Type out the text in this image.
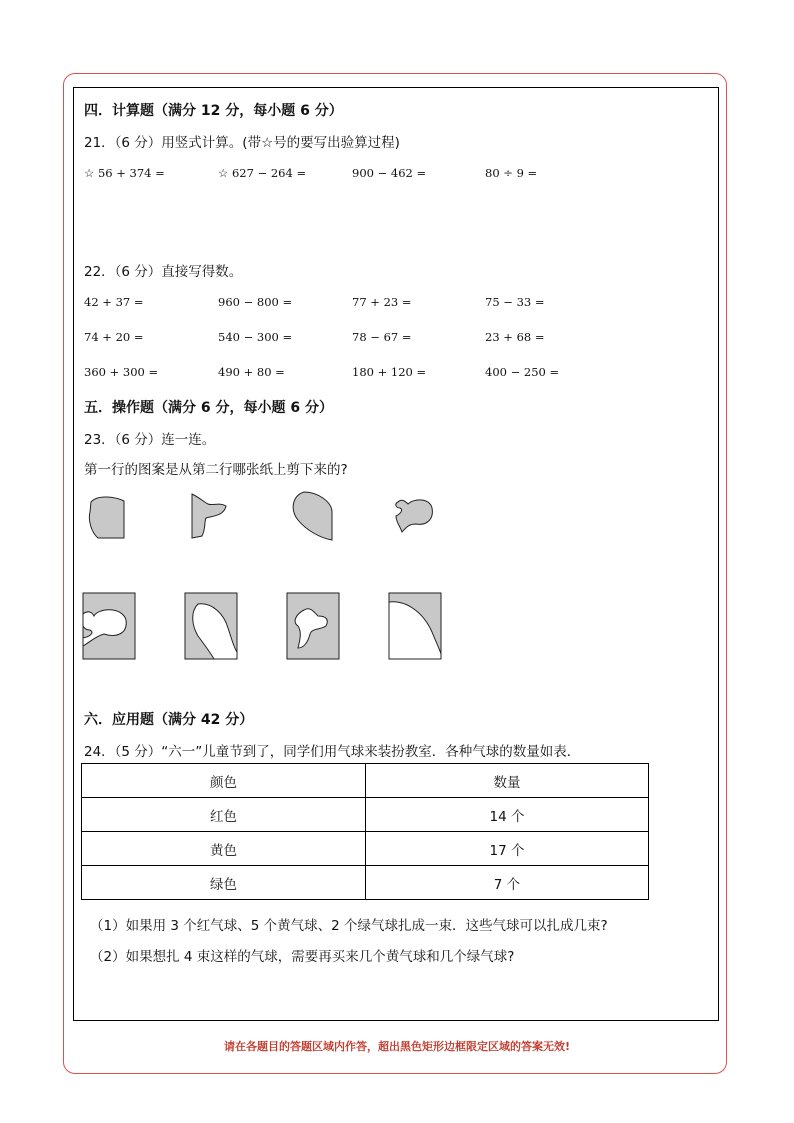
四．计算题（满分 12 分，每小题 6 分）
21．（6 分）用竖式计算。(带☆号的要写出验算过程)
☆ 56 + 374 =	☆ 627 − 264 =	900 − 462 =	80 ÷ 9 =
22．（6 分）直接写得数。
42 + 37 =	960 − 800 =	77 + 23 =	75 − 33 =
74 + 20 =	540 − 300 =	78 − 67 =	23 + 68 =
360 + 300 =	490 + 80 =	180 + 120 =	400 − 250 =
五．操作题（满分 6 分，每小题 6 分）
23．（6 分）连一连。
第一行的图案是从第二行哪张纸上剪下来的?
六．应用题（满分 42 分）
24．（5 分）“六一”儿童节到了，同学们用气球来装扮教室．各种气球的数量如表．
颜色	数量
红色	14 个
黄色	17 个
绿色	7 个
（1）如果用 3 个红气球、5 个黄气球、2 个绿气球扎成一束．这些气球可以扎成几束?
（2）如果想扎 4 束这样的气球，需要再买来几个黄气球和几个绿气球?
请在各题目的答题区域内作答，超出黑色矩形边框限定区域的答案无效!
